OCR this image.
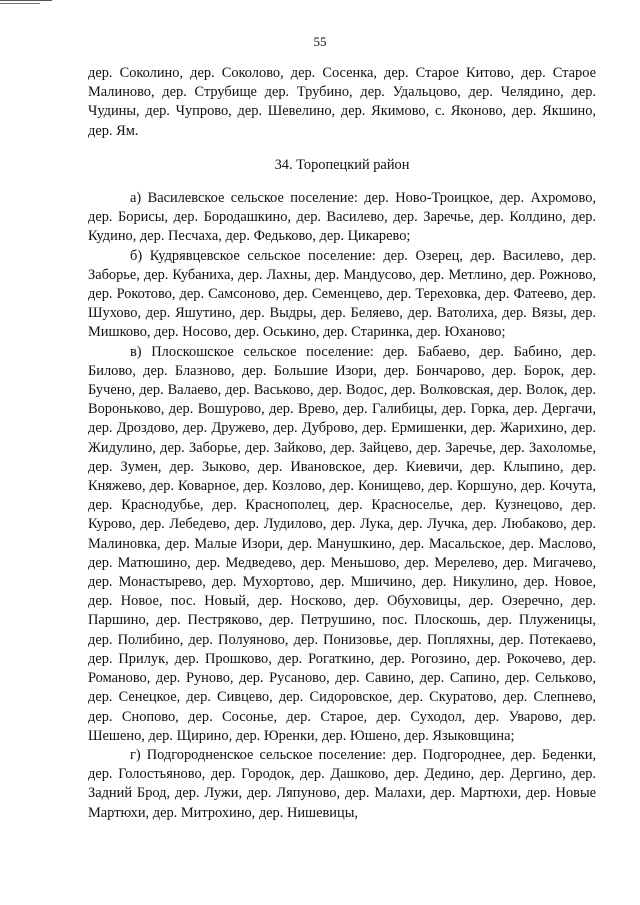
55

дер. Соколино, дер. Соколово, дер. Сосенка, дер. Старое Китово, дер. Старое Малиново, дер. Струбище дер. Трубино, дер. Удальцово, дер. Челядино, дер. Чудины, дер. Чупрово, дер. Шевелино, дер. Якимово, с. Яконово, дер. Якшино, дер. Ям.

34. Торопецкий район

а) Василевское сельское поселение: дер. Ново-Троицкое, дер. Ахромово, дер. Борисы, дер. Бородашкино, дер. Василево, дер. Заречье, дер. Колдино, дер. Кудино, дер. Песчаха, дер. Федьково, дер. Цикарево;

б) Кудрявцевское сельское поселение: дер. Озерец, дер. Василево, дер. Заборье, дер. Кубаниха, дер. Лахны, дер. Мандусово, дер. Метлино, дер. Рожново, дер. Рокотово, дер. Самсоново, дер. Семенцево, дер. Тереховка, дер. Фатеево, дер. Шухово, дер. Яшутино, дер. Выдры, дер. Беляево, дер. Ватолиха, дер. Вязы, дер. Мишково, дер. Носово, дер. Оськино, дер. Старинка, дер. Юханово;

в) Плоскошское сельское поселение: дер. Бабаево, дер. Бабино, дер. Билово, дер. Блазново, дер. Большие Изори, дер. Бончарово, дер. Борок, дер. Бучено, дер. Валаево, дер. Васьково, дер. Водос, дер. Волковская, дер. Волок, дер. Вороньково, дер. Вошурово, дер. Врево, дер. Галибицы, дер. Горка, дер. Дергачи, дер. Дроздово, дер. Дружево, дер. Дуброво, дер. Ермишенки, дер. Жарихино, дер. Жидулино, дер. Заборье, дер. Зайково, дер. Зайцево, дер. Заречье, дер. Захоломье, дер. Зумен, дер. Зыково, дер. Ивановское, дер. Киевичи, дер. Клыпино, дер. Княжево, дер. Коварное, дер. Козлово, дер. Конищево, дер. Коршуно, дер. Кочута, дер. Краснодубье, дер. Краснополец, дер. Красноселье, дер. Кузнецово, дер. Курово, дер. Лебедево, дер. Лудилово, дер. Лука, дер. Лучка, дер. Любаково, дер. Малиновка, дер. Малые Изори, дер. Манушкино, дер. Масальское, дер. Маслово, дер. Матюшино, дер. Медведево, дер. Меньшово, дер. Мерелево, дер. Мигачево, дер. Монастырево, дер. Мухортово, дер. Мшичино, дер. Никулино, дер. Новое, дер. Новое, пос. Новый, дер. Носково, дер. Обуховицы, дер. Озеречно, дер. Паршино, дер. Пестряково, дер. Петрушино, пос. Плоскошь, дер. Плуженицы, дер. Полибино, дер. Полуяново, дер. Понизовье, дер. Попляхны, дер. Потекаево, дер. Прилук, дер. Прошково, дер. Рогаткино, дер. Рогозино, дер. Рокочево, дер. Романово, дер. Руново, дер. Русаново, дер. Савино, дер. Сапино, дер. Сельково, дер. Сенецкое, дер. Сивцево, дер. Сидоровское, дер. Скуратово, дер. Слепнево, дер. Снопово, дер. Сосонье, дер. Старое, дер. Суходол, дер. Уварово, дер. Шешено, дер. Щирино, дер. Юренки, дер. Юшено, дер. Языковщина;

г) Подгородненское сельское поселение: дер. Подгороднее, дер. Беденки, дер. Голостьяново, дер. Городок, дер. Дашково, дер. Дедино, дер. Дергино, дер. Задний Брод, дер. Лужи, дер. Ляпуново, дер. Малахи, дер. Мартюхи, дер. Новые Мартюхи, дер. Митрохино, дер. Нишевицы,
